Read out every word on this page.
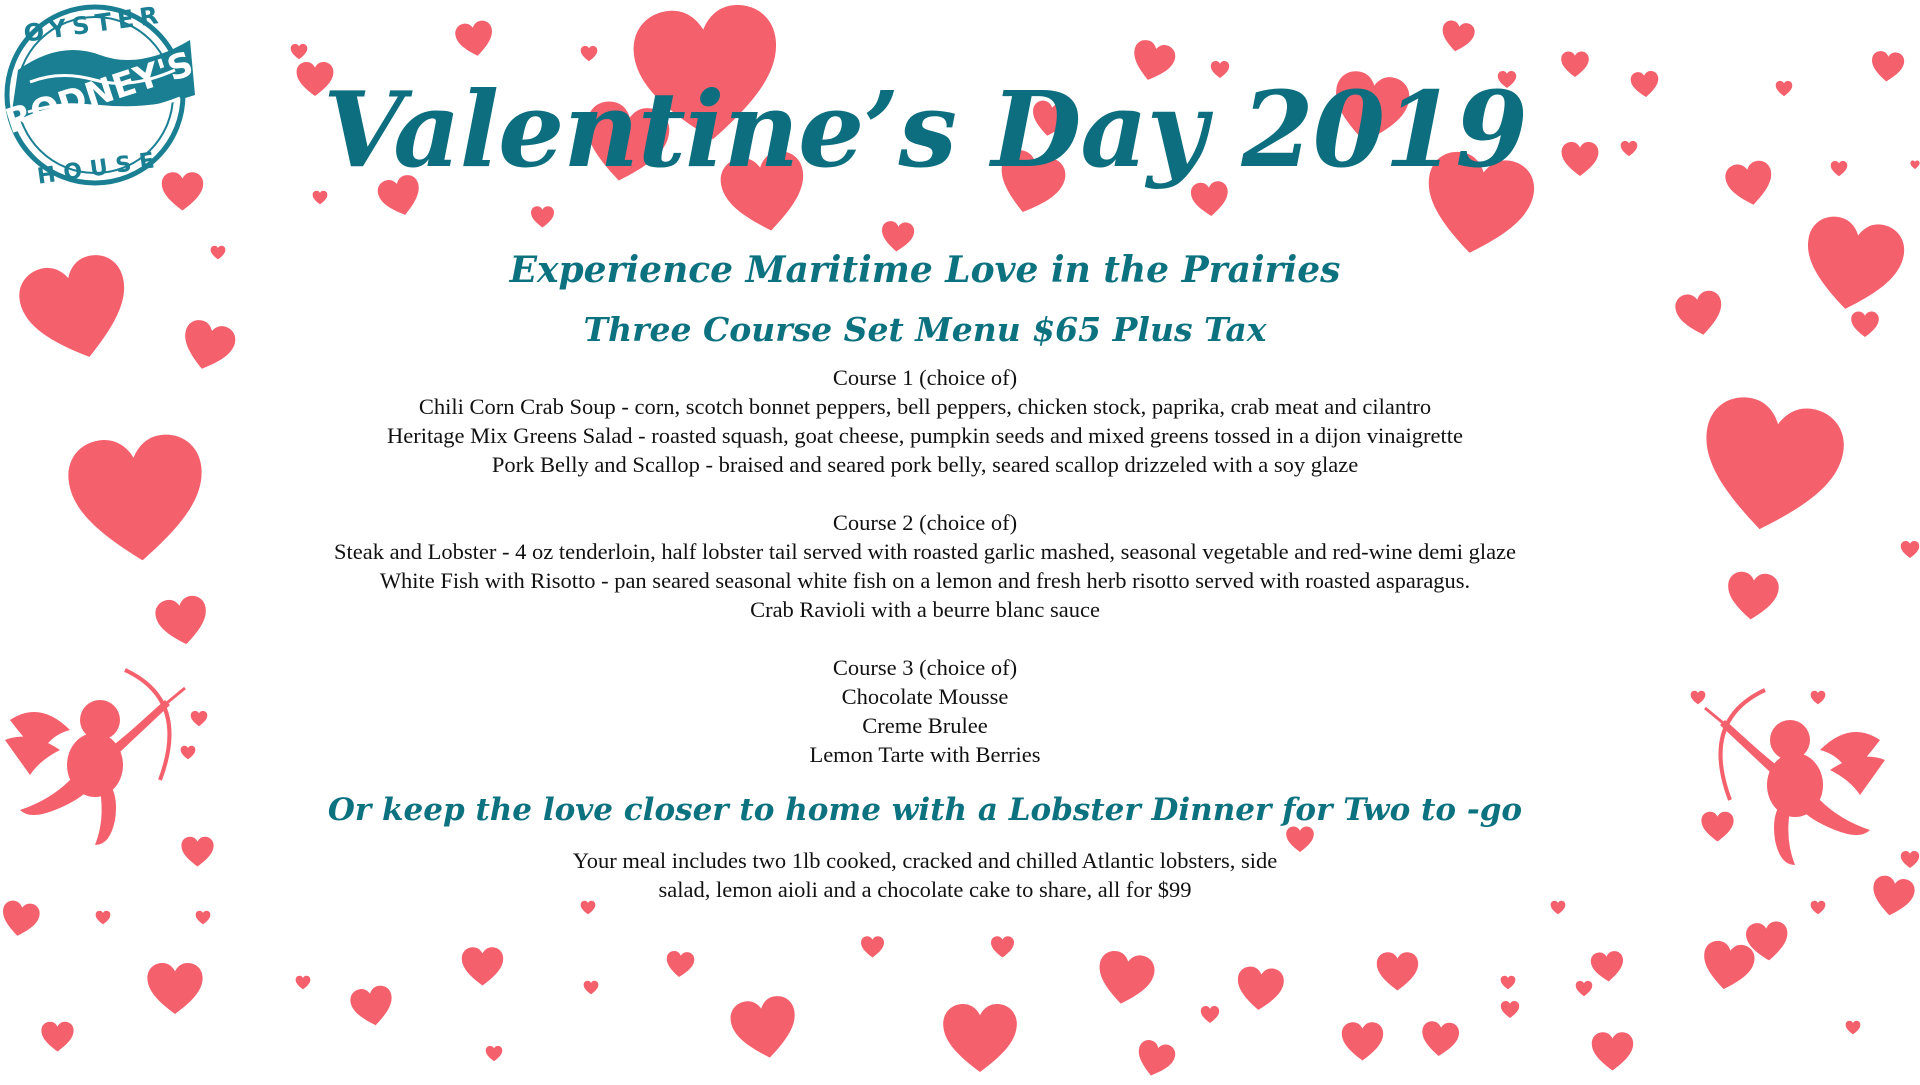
OYSTER
RODNEY'S
HOUSE	Valentine’s Day 2019
Experience Maritime Love in the Prairies
Three Course Set Menu $65 Plus Tax
Course 1 (choice of)
Chili Corn Crab Soup - corn, scotch bonnet peppers, bell peppers, chicken stock, paprika, crab meat and cilantro
Heritage Mix Greens Salad - roasted squash, goat cheese, pumpkin seeds and mixed greens tossed in a dijon vinaigrette
Pork Belly and Scallop - braised and seared pork belly, seared scallop drizzeled with a soy glaze
Course 2 (choice of)
Steak and Lobster - 4 oz tenderloin, half lobster tail served with roasted garlic mashed, seasonal vegetable and red-wine demi glaze
White Fish with Risotto - pan seared seasonal white fish on a lemon and fresh herb risotto served with roasted asparagus.
Crab Ravioli with a beurre blanc sauce
Course 3 (choice of)
Chocolate Mousse
Creme Brulee
Lemon Tarte with Berries
Or keep the love closer to home with a Lobster Dinner for Two to -go
Your meal includes two 1lb cooked, cracked and chilled Atlantic lobsters, side
salad, lemon aioli and a chocolate cake to share, all for $99
